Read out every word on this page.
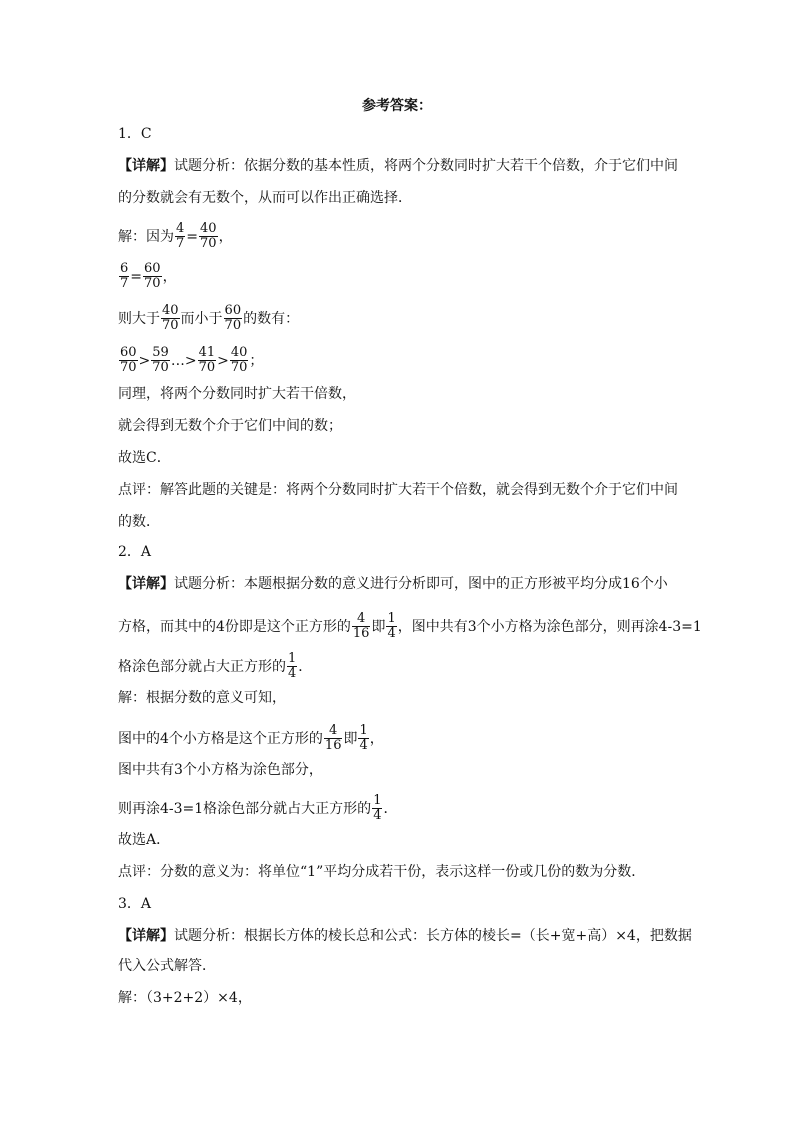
参考答案：
1．C
【详解】试题分析：依据分数的基本性质，将两个分数同时扩大若干个倍数，介于它们中间
的分数就会有无数个，从而可以作出正确选择．
解：因为 $\frac{4}{7} = \frac{40}{70}$ ，
$\frac{6}{7} = \frac{60}{70}$ ，
则大于 $\frac{40}{70}$ 而小于 $\frac{60}{70}$ 的数有：
$\frac{60}{70} > \frac{59}{70}$ …> $\frac{41}{70} > \frac{40}{70}$ ；
同理，将两个分数同时扩大若干倍数，
就会得到无数个介于它们中间的数；
故选C．
点评：解答此题的关键是：将两个分数同时扩大若干个倍数，就会得到无数个介于它们中间
的数．
2．A
【详解】试题分析：本题根据分数的意义进行分析即可，图中的正方形被平均分成16个小
方格，而其中的4份即是这个正方形的 $\frac{4}{16}$ 即 $\frac{1}{4}$ ，图中共有3个小方格为涂色部分，则再涂4-3=1
格涂色部分就占大正方形的 $\frac{1}{4}$ ．
解：根据分数的意义可知，
图中的4个小方格是这个正方形的 $\frac{4}{16}$ 即 $\frac{1}{4}$ ，
图中共有3个小方格为涂色部分，
则再涂4-3=1格涂色部分就占大正方形的 $\frac{1}{4}$ ．
故选A．
点评：分数的意义为：将单位“1”平均分成若干份，表示这样一份或几份的数为分数．
3．A
【详解】试题分析：根据长方体的棱长总和公式：长方体的棱长=（长+宽+高）×4，把数据
代入公式解答．
解：（3+2+2）×4，
